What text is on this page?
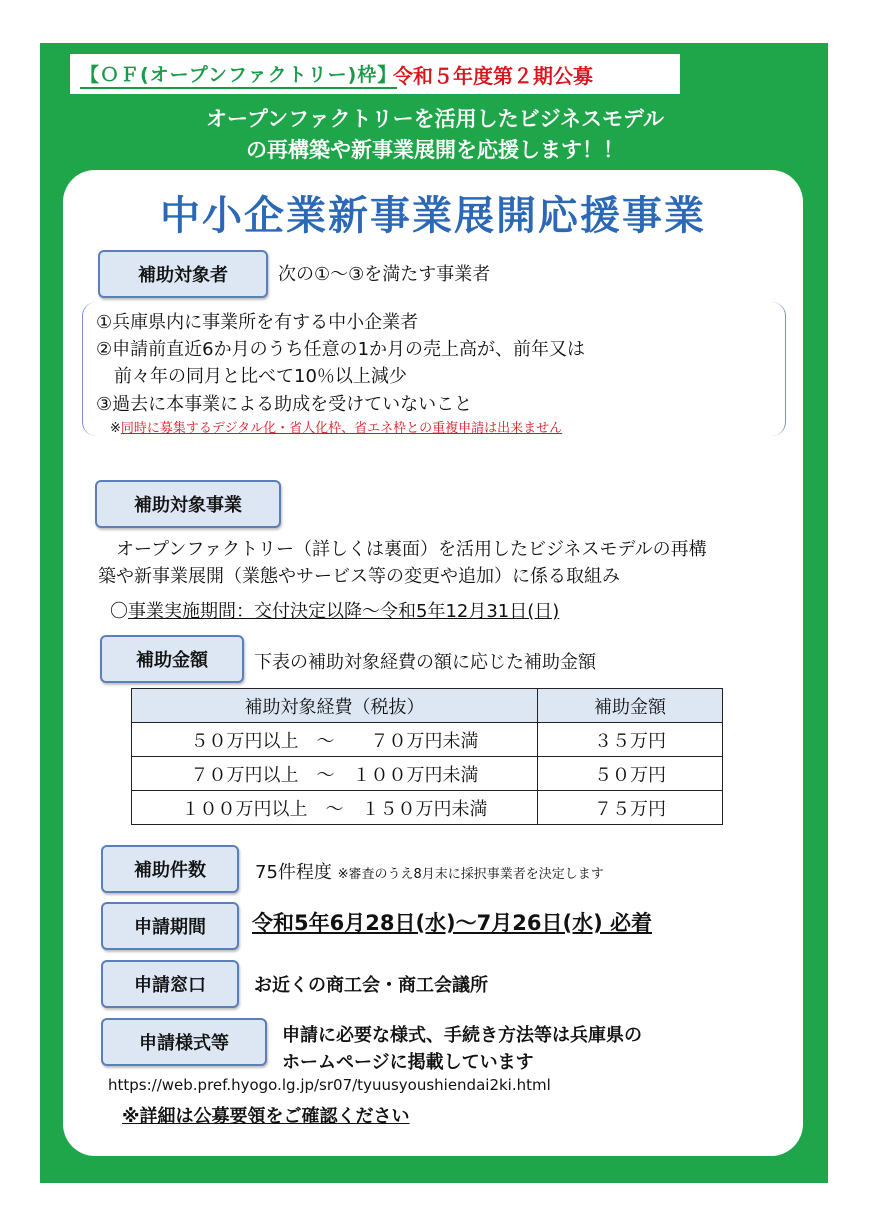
【ＯＦ(オープンファクトリー)枠】
令和５年度第２期公募
オープンファクトリーを活用したビジネスモデル
の再構築や新事業展開を応援します！！
中小企業新事業展開応援事業
補助対象者	次の①～③を満たす事業者
①兵庫県内に事業所を有する中小企業者
②申請前直近6か月のうち任意の1か月の売上高が、前年又は
　前々年の同月と比べて10％以上減少
③過去に本事業による助成を受けていないこと
※同時に募集するデジタル化・省人化枠、省エネ枠との重複申請は出来ません
補助対象事業
　オープンファクトリー（詳しくは裏面）を活用したビジネスモデルの再構
築や新事業展開（業態やサービス等の変更や追加）に係る取組み
〇事業実施期間：交付決定以降～令和5年12月31日(日)
補助金額	下表の補助対象経費の額に応じた補助金額
補助対象経費（税抜）	補助金額
５０万円以上　～　　７０万円未満	３５万円
７０万円以上　～　１００万円未満	５０万円
１００万円以上　～　１５０万円未満	７５万円
補助件数	75件程度 ※審査のうえ8月末に採択事業者を決定します
申請期間	令和5年6月28日(水)～7月26日(水) 必着
申請窓口	お近くの商工会・商工会議所
申請様式等	申請に必要な様式、手続き方法等は兵庫県の
ホームページに掲載しています
https://web.pref.hyogo.lg.jp/sr07/tyuusyoushiendai2ki.html
※詳細は公募要領をご確認ください
